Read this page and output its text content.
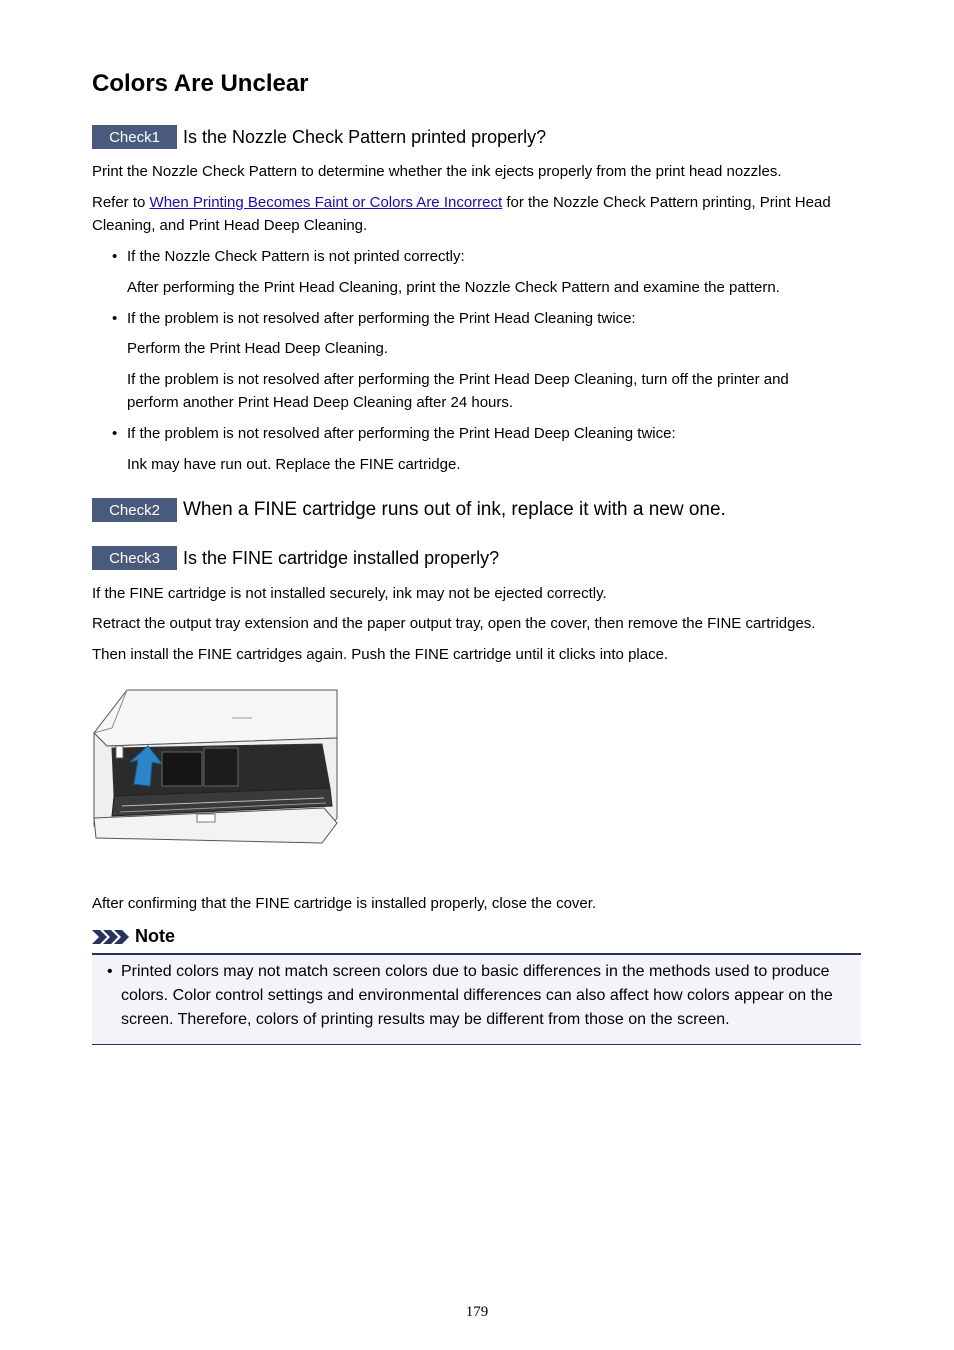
Colors Are Unclear
Check1	Is the Nozzle Check Pattern printed properly?

Print the Nozzle Check Pattern to determine whether the ink ejects properly from the print head nozzles.

Refer to When Printing Becomes Faint or Colors Are Incorrect for the Nozzle Check Pattern printing, Print Head

Cleaning, and Print Head Deep Cleaning.

• If the Nozzle Check Pattern is not printed correctly:

After performing the Print Head Cleaning, print the Nozzle Check Pattern and examine the pattern.

• If the problem is not resolved after performing the Print Head Cleaning twice:

Perform the Print Head Deep Cleaning.

If the problem is not resolved after performing the Print Head Deep Cleaning, turn off the printer and

perform another Print Head Deep Cleaning after 24 hours.

• If the problem is not resolved after performing the Print Head Deep Cleaning twice:

Ink may have run out. Replace the FINE cartridge.

Check2	When a FINE cartridge runs out of ink, replace it with a new one.
Check3	Is the FINE cartridge installed properly?

If the FINE cartridge is not installed securely, ink may not be ejected correctly.

Retract the output tray extension and the paper output tray, open the cover, then remove the FINE cartridges.

Then install the FINE cartridges again. Push the FINE cartridge until it clicks into place.

After confirming that the FINE cartridge is installed properly, close the cover.

Note
• Printed colors may not match screen colors due to basic differences in the methods used to produce colors. Color control settings and environmental differences can also affect how colors appear on the screen. Therefore, colors of printing results may be different from those on the screen.
179
